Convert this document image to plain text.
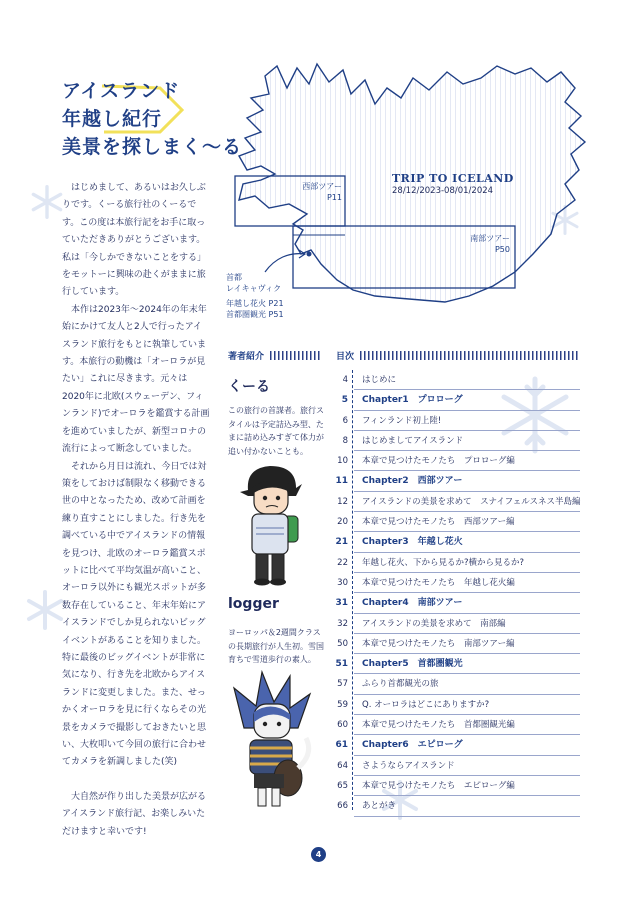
アイスランド
年越し紀行
美景を探しまく〜る
TRIP TO ICELAND
28/12/2023-08/01/2024
西部ツアー
P11
南部ツアー
P50
首都
レイキャヴィク
年越し花火 P21
首都圏観光 P51

はじめまして、あるいはお久しぶりです。くーる旅行社のくーるです。この度は本旅行記をお手に取っていただきありがとうございます。私は「今しかできないことをする」をモットーに興味の赴くがままに旅行しています。

本作は2023年〜2024年の年末年始にかけて友人と2人で行ったアイスランド旅行をもとに執筆しています。本旅行の動機は「オーロラが見たい」これに尽きます。元々は2020年に北欧(スウェーデン、フィンランド)でオーロラを鑑賞する計画を進めていましたが、新型コロナの流行によって断念していました。

それから月日は流れ、今日では対策をしておけば制限なく移動できる世の中となったため、改めて計画を練り直すことにしました。行き先を調べている中でアイスランドの情報を見つけ、北欧のオーロラ鑑賞スポットに比べて平均気温が高いこと、オーロラ以外にも観光スポットが多数存在していること、年末年始にアイスランドでしか見られないビッグイベントがあることを知りました。特に最後のビッグイベントが非常に気になり、行き先を北欧からアイスランドに変更しました。また、せっかくオーロラを見に行くならその光景をカメラで撮影しておきたいと思い、大枚叩いて今回の旅行に合わせてカメラを新調しました(笑)

大自然が作り出した美景が広がるアイスランド旅行記、お楽しみいただけますと幸いです!

著者紹介
くーる
この旅行の首謀者。旅行スタイルは予定詰込み型、たまに詰め込みすぎて体力が追い付かないことも。
logger
ヨーロッパ＆2週間クラスの長期旅行が人生初。雪国育ちで雪道歩行の素人。
目次
4 はじめに
5 Chapter1　プロローグ
6 フィンランド初上陸!
8 はじめましてアイスランド
10 本章で見つけたモノたち　プロローグ編
11 Chapter2　西部ツアー
12 アイスランドの美景を求めて　スナイフェルスネス半島編
20 本章で見つけたモノたち　西部ツアー編
21 Chapter3　年越し花火
22 年越し花火、下から見るか?横から見るか?
30 本章で見つけたモノたち　年越し花火編
31 Chapter4　南部ツアー
32 アイスランドの美景を求めて　南部編
50 本章で見つけたモノたち　南部ツアー編
51 Chapter5　首都圏観光
57 ふらり首都観光の旅
59 Q. オーロラはどこにありますか?
60 本章で見つけたモノたち　首都圏観光編
61 Chapter6　エピローグ
64 さようならアイスランド
65 本章で見つけたモノたち　エピローグ編
66 あとがき
4
